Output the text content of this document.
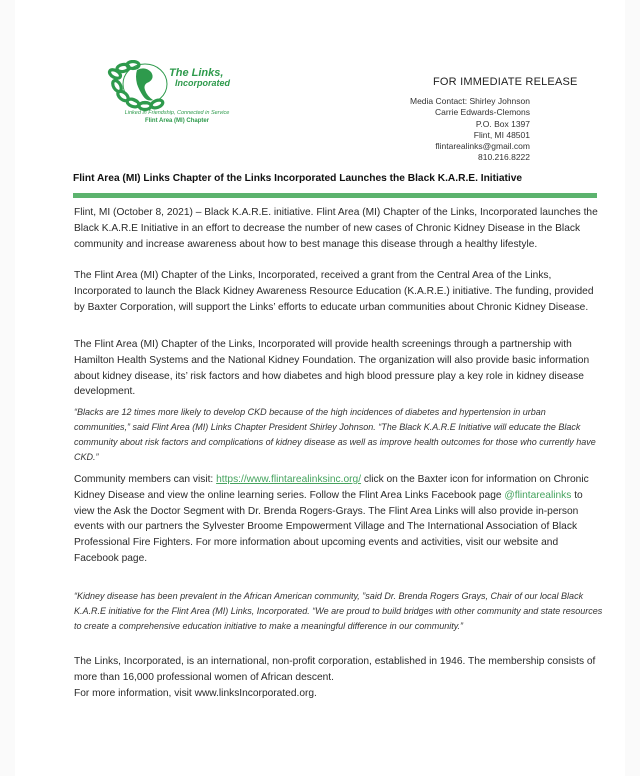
The Links,
Incorporated
Linked in Friendship, Connected in Service
Flint Area (MI) Chapter
FOR IMMEDIATE RELEASE
Media Contact: Shirley Johnson
Carrie Edwards-Clemons
P.O. Box 1397
Flint, MI 48501
flintarealinks@gmail.com
810.216.8222
Flint Area (MI) Links Chapter of the Links Incorporated Launches the Black K.A.R.E. Initiative
Flint, MI (October 8, 2021) – Black K.A.R.E. initiative. Flint Area (MI) Chapter of the Links, Incorporated launches the Black K.A.R.E Initiative in an effort to decrease the number of new cases of Chronic Kidney Disease in the Black community and increase awareness about how to best manage this disease through a healthy lifestyle.
The Flint Area (MI) Chapter of the Links, Incorporated, received a grant from the Central Area of the Links, Incorporated to launch the Black Kidney Awareness Resource Education (K.A.R.E.) initiative. The funding, provided by Baxter Corporation, will support the Links’ efforts to educate urban communities about Chronic Kidney Disease.
The Flint Area (MI) Chapter of the Links, Incorporated will provide health screenings through a partnership with Hamilton Health Systems and the National Kidney Foundation. The organization will also provide basic information about kidney disease, its’ risk factors and how diabetes and high blood pressure play a key role in kidney disease development.
“Blacks are 12 times more likely to develop CKD because of the high incidences of diabetes and hypertension in urban communities,” said Flint Area (MI) Links Chapter President Shirley Johnson. “The Black K.A.R.E Initiative will educate the Black community about risk factors and complications of kidney disease as well as improve health outcomes for those who currently have CKD.”
Community members can visit: https://www.flintarealinksinc.org/ click on the Baxter icon for information on Chronic Kidney Disease and view the online learning series. Follow the Flint Area Links Facebook page @flintarealinks to view the Ask the Doctor Segment with Dr. Brenda Rogers-Grays. The Flint Area Links will also provide in-person events with our partners the Sylvester Broome Empowerment Village and The International Association of Black Professional Fire Fighters. For more information about upcoming events and activities, visit our website and Facebook page.
“Kidney disease has been prevalent in the African American community, ”said Dr. Brenda Rogers Grays, Chair of our local Black K.A.R.E initiative for the Flint Area (MI) Links, Incorporated. “We are proud to build bridges with other community and state resources to create a comprehensive education initiative to make a meaningful difference in our community.”
The Links, Incorporated, is an international, non-profit corporation, established in 1946. The membership consists of more than 16,000 professional women of African descent.
For more information, visit www.linksIncorporated.org.
